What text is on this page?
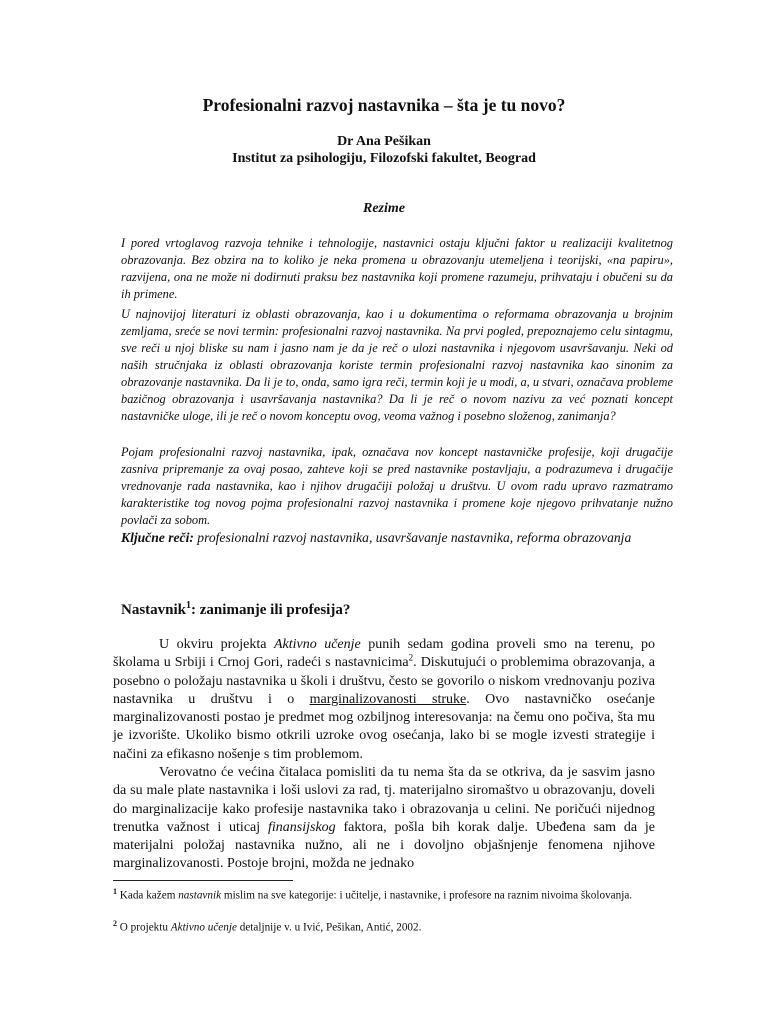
Profesionalni razvoj nastavnika – šta je tu novo?
Dr Ana Pešikan
Institut za psihologiju, Filozofski fakultet, Beograd
Rezime

I pored vrtoglavog razvoja tehnike i tehnologije, nastavnici ostaju ključni faktor u realizaciji kvalitetnog obrazovanja. Bez obzira na to koliko je neka promena u obrazovanju utemeljena i teorijski, «na papiru», razvijena, ona ne može ni dodirnuti praksu bez nastavnika koji promene razumeju, prihvataju i obučeni su da ih primene.

U najnovijoj literaturi iz oblasti obrazovanja, kao i u dokumentima o reformama obrazovanja u brojnim zemljama, sreće se novi termin: profesionalni razvoj nastavnika. Na prvi pogled, prepoznajemo celu sintagmu, sve reči u njoj bliske su nam i jasno nam je da je reč o ulozi nastavnika i njegovom usavršavanju. Neki od naših stručnjaka iz oblasti obrazovanja koriste termin profesionalni razvoj nastavnika kao sinonim za obrazovanje nastavnika. Da li je to, onda, samo igra reči, termin koji je u modi, a, u stvari, označava probleme bazičnog obrazovanja i usavršavanja nastavnika? Da li je reč o novom nazivu za već poznati koncept nastavničke uloge, ili je reč o novom konceptu ovog, veoma važnog i posebno složenog, zanimanja?

Pojam profesionalni razvoj nastavnika, ipak, označava nov koncept nastavničke profesije, koji drugačije zasniva pripremanje za ovaj posao, zahteve koji se pred nastavnike postavljaju, a podrazumeva i drugačije vrednovanje rada nastavnika, kao i njihov drugačiji položaj u društvu. U ovom radu upravo razmatramo karakteristike tog novog pojma profesionalni razvoj nastavnika i promene koje njegovo prihvatanje nužno povlači za sobom.

Ključne reči: profesionalni razvoj nastavnika, usavršavanje nastavnika, reforma obrazovanja

Nastavnik$^1$: zanimanje ili profesija?

U okviru projekta Aktivno učenje punih sedam godina proveli smo na terenu, po školama u Srbiji i Crnoj Gori, radeći s nastavnicima$^2$. Diskutujući o problemima obrazovanja, a posebno o položaju nastavnika u školi i društvu, često se govorilo o niskom vrednovanju poziva nastavnika u društvu i o marginalizovanosti struke. Ovo nastavničko osećanje marginalizovanosti postao je predmet mog ozbiljnog interesovanja: na čemu ono počiva, šta mu je izvorište. Ukoliko bismo otkrili uzroke ovog osećanja, lako bi se mogle izvesti strategije i načini za efikasno nošenje s tim problemom.

Verovatno će većina čitalaca pomisliti da tu nema šta da se otkriva, da je sasvim jasno da su male plate nastavnika i loši uslovi za rad, tj. materijalno siromaštvo u obrazovanju, doveli do marginalizacije kako profesije nastavnika tako i obrazovanja u celini. Ne poričući nijednog trenutka važnost i uticaj finansijskog faktora, pošla bih korak dalje. Ubeđena sam da je materijalni položaj nastavnika nužno, ali ne i dovoljno objašnjenje fenomena njihove marginalizovanosti. Postoje brojni, možda ne jednako

$^1$ Kada kažem nastavnik mislim na sve kategorije: i učitelje, i nastavnike, i profesore na raznim nivoima školovanja.

$^2$ O projektu Aktivno učenje detaljnije v. u Ivić, Pešikan, Antić, 2002.
